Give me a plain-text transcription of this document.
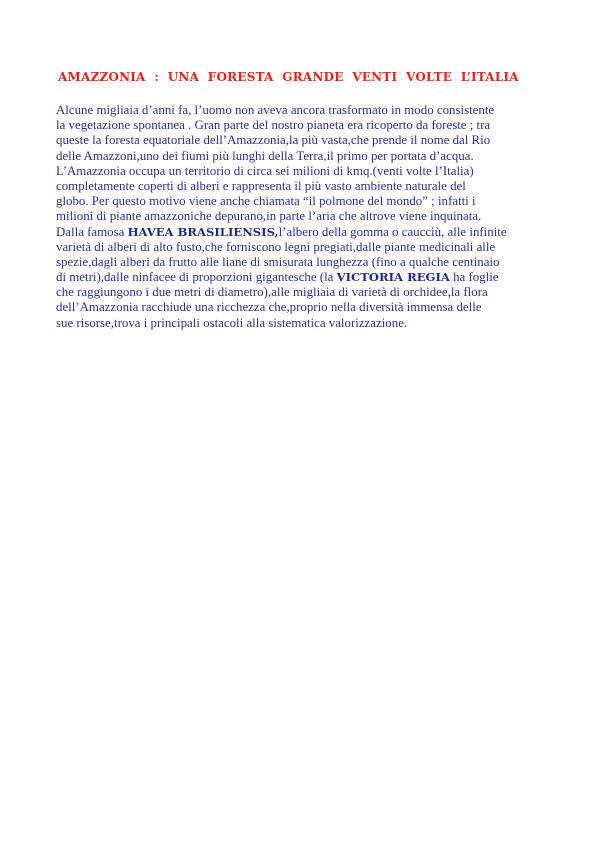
AMAZZONIA  :  UNA  FORESTA  GRANDE  VENTI  VOLTE  L’ITALIA
Alcune migliaia d’anni fa, l’uomo non aveva ancora trasformato in modo consistente
la vegetazione spontanea . Gran parte del nostro pianeta era ricoperto da foreste ; tra
queste la foresta equatoriale dell’Amazzonia,la più vasta,che prende il nome dal Rio
delle Amazzoni,uno dei fiumi più lunghi della Terra,il primo per portata d’acqua.
L’Amazzonia occupa un territorio di circa sei milioni di kmq.(venti volte l’Italia)
completamente coperti di alberi e rappresenta il più vasto ambiente naturale del
globo. Per questo motivo viene anche chiamata “il polmone del mondo” ; infatti i
milioni di piante amazzoniche depurano,in parte l’aria che altrove viene inquinata.
Dalla famosa HAVEA BRASILIENSIS,l’albero della gomma o caucciù, alle infinite
varietà di alberi di alto fusto,che forniscono legni pregiati,dalle piante medicinali alle
spezie,dagli alberi da frutto alle liane di smisurata lunghezza (fino a qualche centinaio
di metri),dalle ninfacee di proporzioni gigantesche (la VICTORIA REGIA ha foglie
che raggiungono i due metri di diametro),alle migliaia di varietà di orchidee,la flora
dell’Amazzonia racchiude una ricchezza che,proprio nella diversità immensa delle
sue risorse,trova i principali ostacoli alla sistematica valorizzazione.
